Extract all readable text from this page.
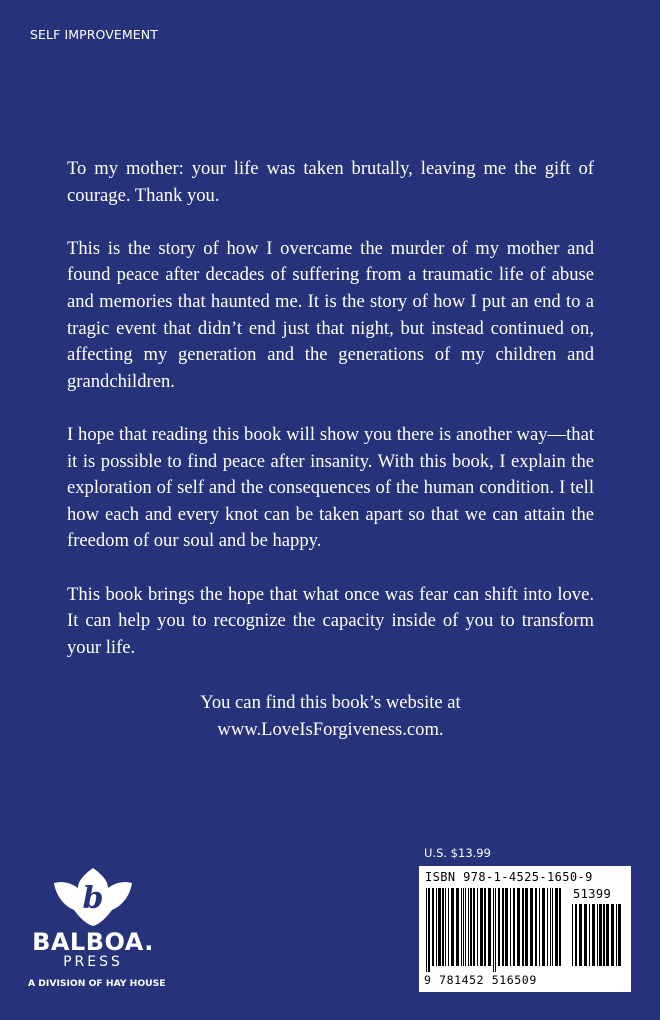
SELF IMPROVEMENT

To my mother: your life was taken brutally, leaving me the gift of courage. Thank you.

This is the story of how I overcame the murder of my mother and found peace after decades of suffering from a traumatic life of abuse and memories that haunted me. It is the story of how I put an end to a tragic event that didn’t end just that night, but instead continued on, affecting my generation and the generations of my children and grandchildren.

I hope that reading this book will show you there is another way—that it is possible to find peace after insanity. With this book, I explain the exploration of self and the consequences of the human condition. I tell how each and every knot can be taken apart so that we can attain the freedom of our soul and be happy.

This book brings the hope that what once was fear can shift into love. It can help you to recognize the capacity inside of you to transform your life.

You can find this book’s website at
www.LoveIsForgiveness.com.
U.S. $13.99
ISBN 978-1-4525-1650-9
51399
9 781452 516509
b
BALBOA.
PRESS
A DIVISION OF HAY HOUSE
